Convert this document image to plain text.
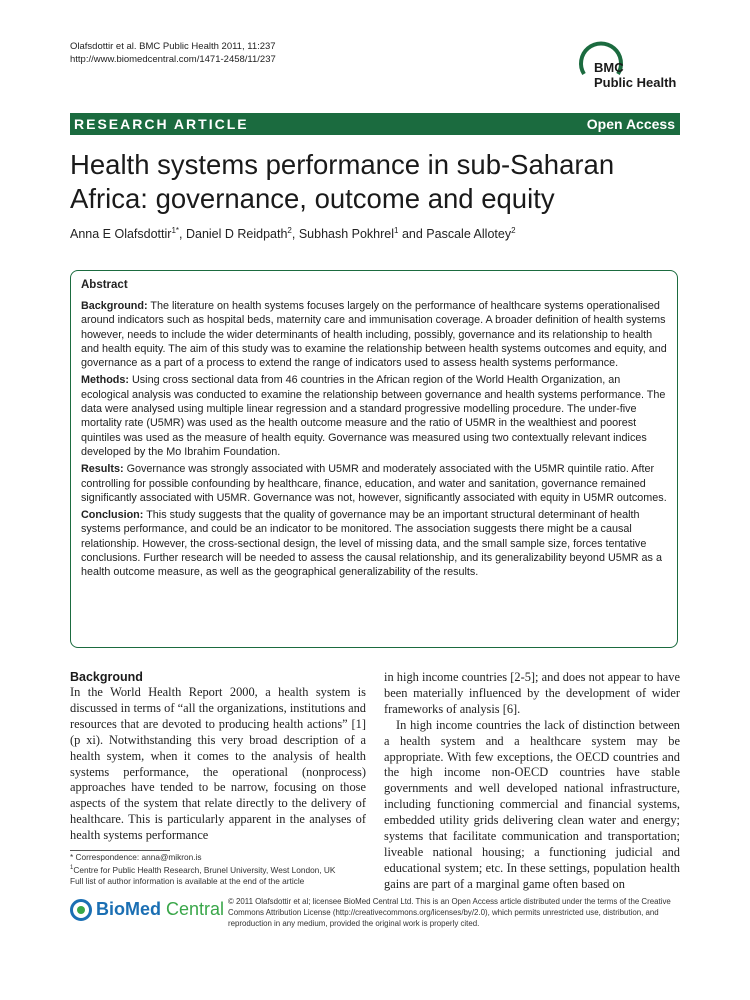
Olafsdottir et al. BMC Public Health 2011, 11:237
http://www.biomedcentral.com/1471-2458/11/237
BMC
Public Health
RESEARCH ARTICLE	Open Access
Health systems performance in sub-Saharan Africa: governance, outcome and equity
Anna E Olafsdottir$^{1*}$, Daniel D Reidpath$^2$, Subhash Pokhrel$^1$ and Pascale Allotey$^2$
Abstract

Background: The literature on health systems focuses largely on the performance of healthcare systems operationalised around indicators such as hospital beds, maternity care and immunisation coverage. A broader definition of health systems however, needs to include the wider determinants of health including, possibly, governance and its relationship to health and health equity. The aim of this study was to examine the relationship between health systems outcomes and equity, and governance as a part of a process to extend the range of indicators used to assess health systems performance.

Methods: Using cross sectional data from 46 countries in the African region of the World Health Organization, an ecological analysis was conducted to examine the relationship between governance and health systems performance. The data were analysed using multiple linear regression and a standard progressive modelling procedure. The under-five mortality rate (U5MR) was used as the health outcome measure and the ratio of U5MR in the wealthiest and poorest quintiles was used as the measure of health equity. Governance was measured using two contextually relevant indices developed by the Mo Ibrahim Foundation.

Results: Governance was strongly associated with U5MR and moderately associated with the U5MR quintile ratio. After controlling for possible confounding by healthcare, finance, education, and water and sanitation, governance remained significantly associated with U5MR. Governance was not, however, significantly associated with equity in U5MR outcomes.

Conclusion: This study suggests that the quality of governance may be an important structural determinant of health systems performance, and could be an indicator to be monitored. The association suggests there might be a causal relationship. However, the cross-sectional design, the level of missing data, and the small sample size, forces tentative conclusions. Further research will be needed to assess the causal relationship, and its generalizability beyond U5MR as a health outcome measure, as well as the geographical generalizability of the results.

Background

In the World Health Report 2000, a health system is discussed in terms of “all the organizations, institutions and resources that are devoted to producing health actions” [1] (p xi). Notwithstanding this very broad description of a health system, when it comes to the analysis of health systems performance, the operational (nonprocess) approaches have tended to be narrow, focusing on those aspects of the system that relate directly to the delivery of healthcare. This is particularly apparent in the analyses of health systems performance

in high income countries [2-5]; and does not appear to have been materially influenced by the development of wider frameworks of analysis [6].

In high income countries the lack of distinction between a health system and a healthcare system may be appropriate. With few exceptions, the OECD countries and the high income non-OECD countries have stable governments and well developed national infrastructure, including functioning commercial and financial systems, embedded utility grids delivering clean water and energy; systems that facilitate communication and transportation; liveable national housing; a functioning judicial and educational system; etc. In these settings, population health gains are part of a marginal game often based on

* Correspondence: anna@mikron.is
$^1$Centre for Public Health Research, Brunel University, West London, UK
Full list of author information is available at the end of the article
BioMed Central © 2011 Olafsdottir et al; licensee BioMed Central Ltd. This is an Open Access article distributed under the terms of the Creative Commons Attribution License (http://creativecommons.org/licenses/by/2.0), which permits unrestricted use, distribution, and reproduction in any medium, provided the original work is properly cited.
